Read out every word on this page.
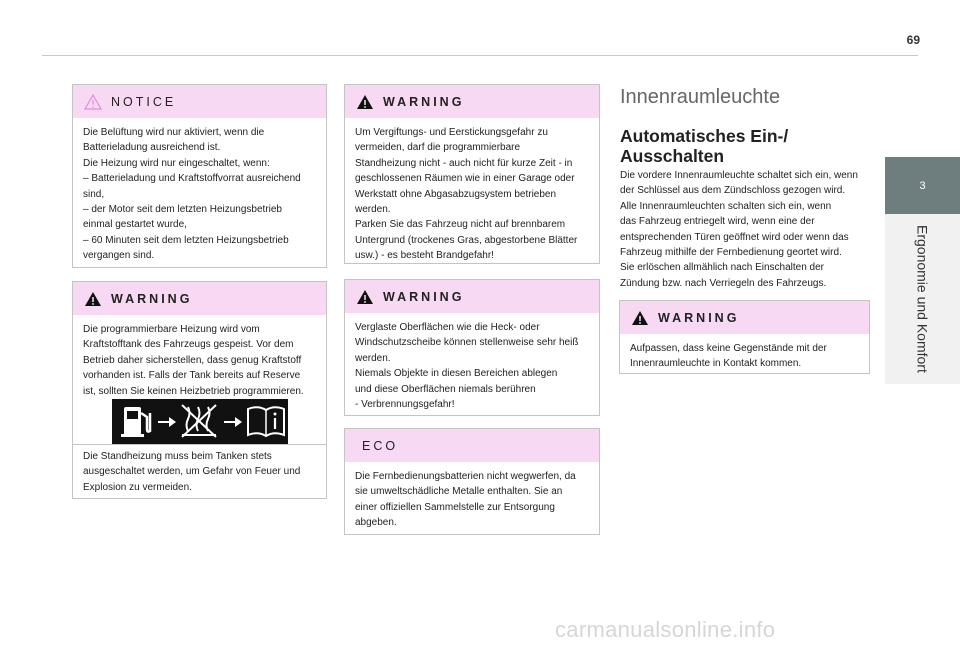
69
3
Ergonomie und Komfort
NOTICE

Die Belüftung wird nur aktiviert, wenn die

Batterieladung ausreichend ist.

Die Heizung wird nur eingeschaltet, wenn:

– Batterieladung und Kraftstoffvorrat ausreichend

sind,

– der Motor seit dem letzten Heizungsbetrieb

einmal gestartet wurde,

– 60 Minuten seit dem letzten Heizungsbetrieb

vergangen sind.

WARNING

Die programmierbare Heizung wird vom

Kraftstofftank des Fahrzeugs gespeist. Vor dem

Betrieb daher sicherstellen, dass genug Kraftstoff

vorhanden ist. Falls der Tank bereits auf Reserve

ist, sollten Sie keinen Heizbetrieb programmieren.

Die Standheizung muss beim Tanken stets

ausgeschaltet werden, um Gefahr von Feuer und

Explosion zu vermeiden.

WARNING

Um Vergiftungs- und Eerstickungsgefahr zu

vermeiden, darf die programmierbare

Standheizung nicht - auch nicht für kurze Zeit - in

geschlossenen Räumen wie in einer Garage oder

Werkstatt ohne Abgasabzugsystem betrieben

werden.

Parken Sie das Fahrzeug nicht auf brennbarem

Untergrund (trockenes Gras, abgestorbene Blätter

usw.) - es besteht Brandgefahr!

WARNING

Verglaste Oberflächen wie die Heck- oder

Windschutzscheibe können stellenweise sehr heiß

werden.

Niemals Objekte in diesen Bereichen ablegen

und diese Oberflächen niemals berühren

- Verbrennungsgefahr!

ECO

Die Fernbedienungsbatterien nicht wegwerfen, da

sie umweltschädliche Metalle enthalten. Sie an

einer offiziellen Sammelstelle zur Entsorgung

abgeben.

Innenraumleuchte
Automatisches Ein-/
Ausschalten

Die vordere Innenraumleuchte schaltet sich ein, wenn

der Schlüssel aus dem Zündschloss gezogen wird.

Alle Innenraumleuchten schalten sich ein, wenn

das Fahrzeug entriegelt wird, wenn eine der

entsprechenden Türen geöffnet wird oder wenn das

Fahrzeug mithilfe der Fernbedienung geortet wird.

Sie erlöschen allmählich nach Einschalten der

Zündung bzw. nach Verriegeln des Fahrzeugs.

WARNING

Aufpassen, dass keine Gegenstände mit der

Innenraumleuchte in Kontakt kommen.

carmanualsonline.info
